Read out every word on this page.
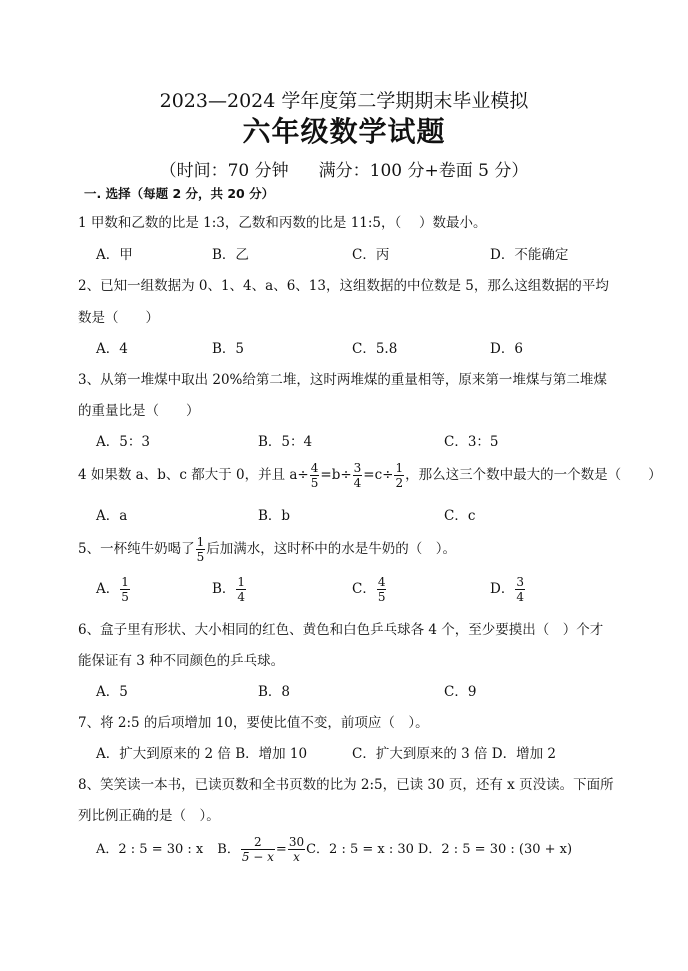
2023—2024 学年度第二学期期末毕业模拟
六年级数学试题
（时间：70 分钟 满分：100 分+卷面 5 分）
一. 选择（每题 2 分，共 20 分）
1 甲数和乙数的比是 1:3，乙数和丙数的比是 11:5，（　 ）数最小。
A．甲	B．乙	C．丙	D．不能确定
2、已知一组数据为 0、1、4、a、6、13，这组数据的中位数是 5，那么这组数据的平均
数是（　　）
A．4	B．5	C．5.8	D．6
3、从第一堆煤中取出 20%给第二堆，这时两堆煤的重量相等，原来第一堆煤与第二堆煤
的重量比是（　　）
A．5：3	B．5：4	C．3：5
4 如果数 a、b、c 都大于 0，并且 $a\div \frac{4}{5} =b\div \frac{3}{4} =c\div \frac{1}{2}$ ，那么这三个数中最大的一个数是（　　）
A．a	B．b	C．c
5、一杯纯牛奶喝了 $\frac{1}{5}$ 后加满水，这时杯中的水是牛奶的（　）。
A． $\frac{1}{5}$	B． $\frac{1}{4}$	C． $\frac{4}{5}$	D． $\frac{3}{4}$
6、盒子里有形状、大小相同的红色、黄色和白色乒乓球各 4 个，至少要摸出（　）个才
能保证有 3 种不同颜色的乒乓球。
A．5	B．8	C．9
7、将 2:5 的后项增加 10，要使比值不变，前项应（　）。
A．扩大到原来的 2 倍 B．增加 10	C．扩大到原来的 3 倍 D．增加 2
8、笑笑读一本书，已读页数和全书页数的比为 2:5，已读 30 页，还有 x 页没读。下面所
列比例正确的是（　）。
A．2 : 5 = 30 : x B． $\frac{2}{5 - x} = \frac{30}{x}$ C．2 : 5 = x : 30 D．2 : 5 = 30 : (30 + x)
